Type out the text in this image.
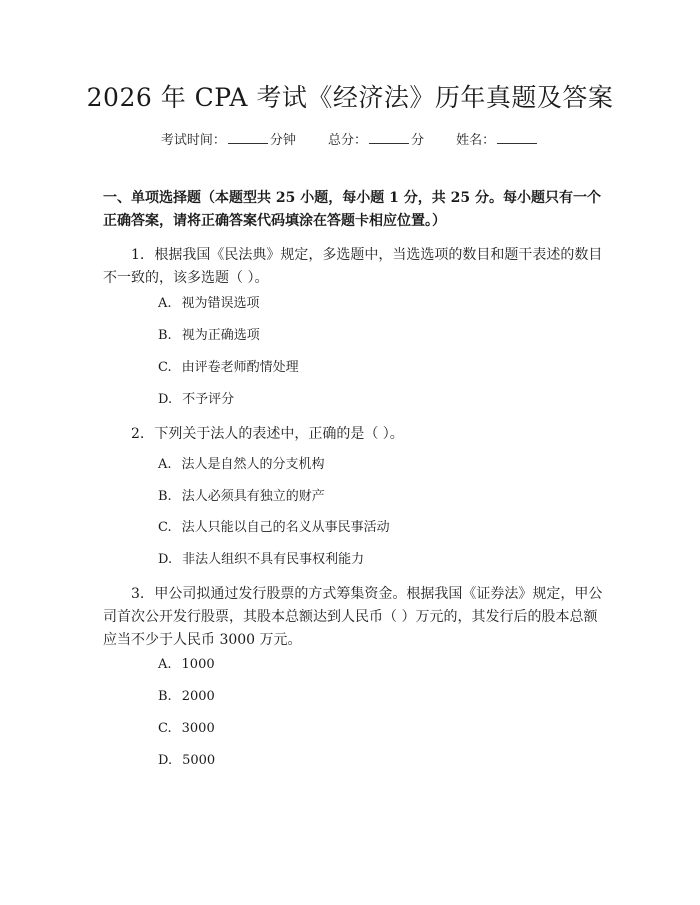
2026 年 CPA 考试《经济法》历年真题及答案
考试时间：	分钟 总分：	分 姓名：
一、单项选择题（本题型共 25 小题，每小题 1 分，共 25 分。每小题只有一个正确答案，请将正确答案代码填涂在答题卡相应位置。）
1. 根据我国《民法典》规定，多选题中，当选选项的数目和题干表述的数目不一致的，该多选题（ ）。
A. 视为错误选项
B. 视为正确选项
C. 由评卷老师酌情处理
D. 不予评分
2. 下列关于法人的表述中，正确的是（ ）。
A. 法人是自然人的分支机构
B. 法人必须具有独立的财产
C. 法人只能以自己的名义从事民事活动
D. 非法人组织不具有民事权利能力
3. 甲公司拟通过发行股票的方式筹集资金。根据我国《证券法》规定，甲公司首次公开发行股票，其股本总额达到人民币（ ）万元的，其发行后的股本总额应当不少于人民币 3000 万元。
A. 1000
B. 2000
C. 3000
D. 5000
